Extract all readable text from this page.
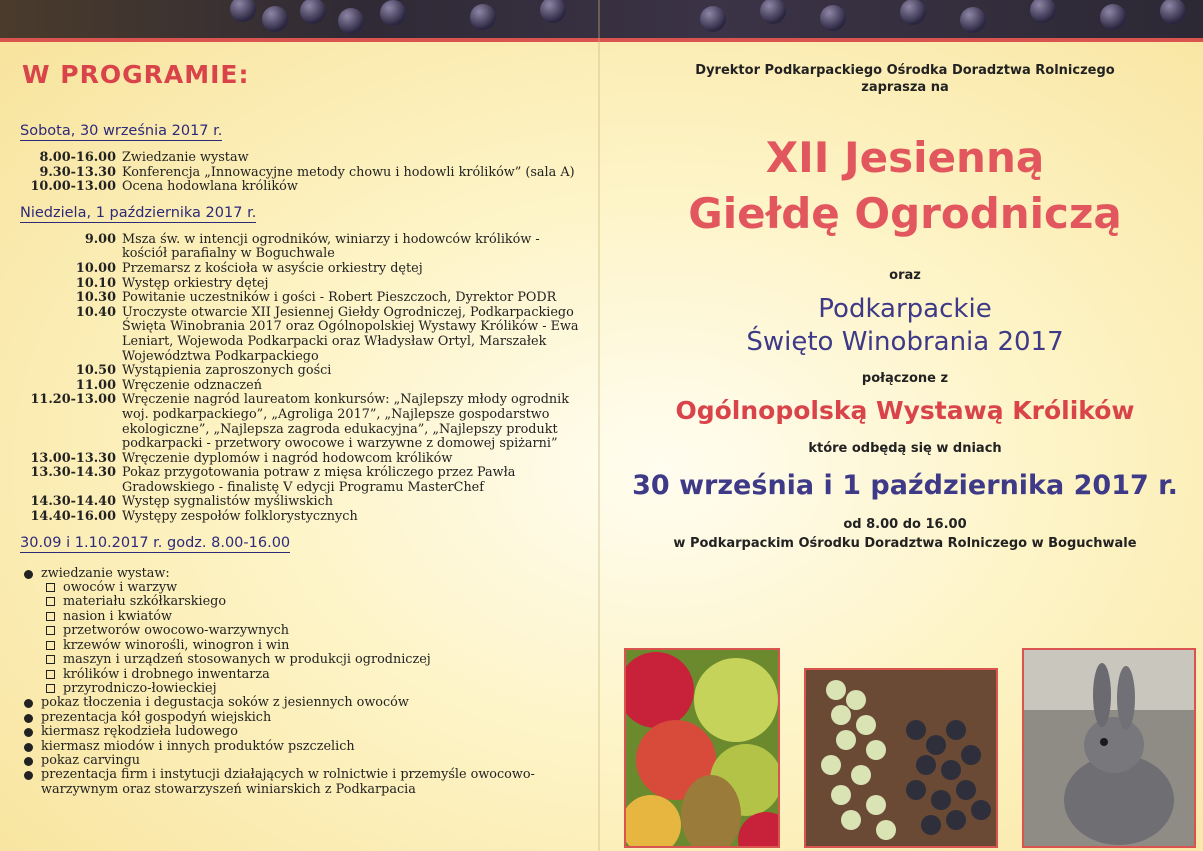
W PROGRAMIE:
Sobota, 30 września 2017 r.
8.00-16.00 Zwiedzanie wystaw
9.30-13.30 Konferencja „Innowacyjne metody chowu i hodowli królików” (sala A)
10.00-13.00 Ocena hodowlana królików
Niedziela, 1 października 2017 r.
9.00 Msza św. w intencji ogrodników, winiarzy i hodowców królików - kościół parafialny w Boguchwale
10.00 Przemarsz z kościoła w asyście orkiestry dętej
10.10 Występ orkiestry dętej
10.30 Powitanie uczestników i gości - Robert Pieszczoch, Dyrektor PODR
10.40 Uroczyste otwarcie XII Jesiennej Giełdy Ogrodniczej, Podkarpackiego Święta Winobrania 2017 oraz Ogólnopolskiej Wystawy Królików - Ewa Leniart, Wojewoda Podkarpacki oraz Władysław Ortyl, Marszałek Województwa Podkarpackiego
10.50 Wystąpienia zaproszonych gości
11.00 Wręczenie odznaczeń
11.20-13.00 Wręczenie nagród laureatom konkursów: „Najlepszy młody ogrodnik woj. podkarpackiego”, „Agroliga 2017”, „Najlepsze gospodarstwo ekologiczne”, „Najlepsza zagroda edukacyjna”, „Najlepszy produkt podkarpacki - przetwory owocowe i warzywne z domowej spiżarni”
13.00-13.30 Wręczenie dyplomów i nagród hodowcom królików
13.30-14.30 Pokaz przygotowania potraw z mięsa króliczego przez Pawła Gradowskiego - finalistę V edycji Programu MasterChef
14.30-14.40 Występ sygnalistów myśliwskich
14.40-16.00 Występy zespołów folklorystycznych
30.09 i 1.10.2017 r. godz. 8.00-16.00
zwiedzanie wystaw:
owoców i warzyw
materiału szkółkarskiego
nasion i kwiatów
przetworów owocowo-warzywnych
krzewów winorośli, winogron i win
maszyn i urządzeń stosowanych w produkcji ogrodniczej
królików i drobnego inwentarza
przyrodniczo-łowieckiej
pokaz tłoczenia i degustacja soków z jesiennych owoców
prezentacja kół gospodyń wiejskich
kiermasz rękodzieła ludowego
kiermasz miodów i innych produktów pszczelich
pokaz carvingu
prezentacja firm i instytucji działających w rolnictwie i przemyśle owocowo-warzywnym oraz stowarzyszeń winiarskich z Podkarpacia
Dyrektor Podkarpackiego Ośrodka Doradztwa Rolniczego
zaprasza na
XII Jesienną
Giełdę Ogrodniczą
oraz
Podkarpackie
Święto Winobrania 2017
połączone z
Ogólnopolską Wystawą Królików
które odbędą się w dniach
30 września i 1 października 2017 r.
od 8.00 do 16.00
w Podkarpackim Ośrodku Doradztwa Rolniczego w Boguchwale
